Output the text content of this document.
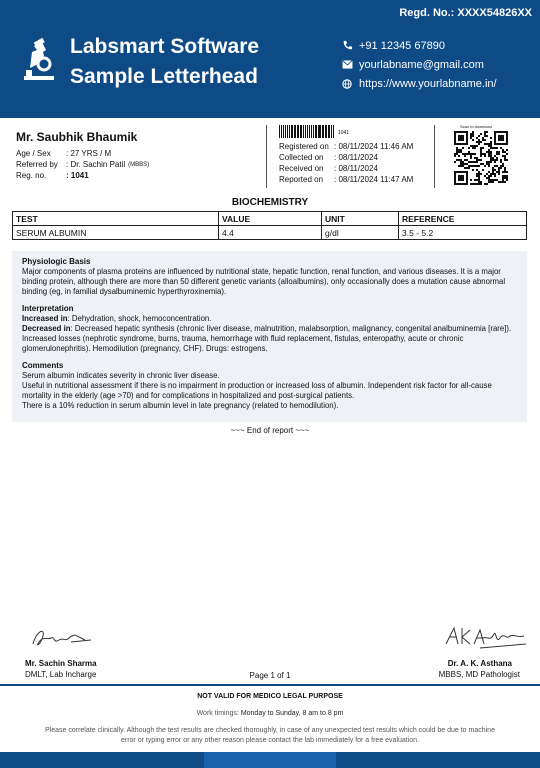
Regd. No.: XXXX54826XX
Labsmart Software
Sample Letterhead
+91 12345 67890
yourlabname@gmail.com
https://www.yourlabname.in/
Mr. Saubhik Bhaumik
Age / Sex	: 27 YRS / M
Referred by	: Dr. Sachin Patil (MBBS)
Reg. no.	: 1041
1041
Registered on : 08/11/2024 11:46 AM
Collected on	: 08/11/2024
Received on	: 08/11/2024
Reported on	: 08/11/2024 11:47 AM
Scan to download
BIOCHEMISTRY
TEST	VALUE	UNIT	REFERENCE
SERUM ALBUMIN	4.4	g/dl	3.5 - 5.2
Physiologic Basis
Major components of plasma proteins are influenced by nutritional state, hepatic function, renal function, and various diseases. It is a major binding protein, although there are more than 50 different genetic variants (alloalbumins), only occasionally does a mutation cause abnormal binding (eg, in familial dysalbuminemic hyperthyroxinemia).
Interpretation
Increased in: Dehydration, shock, hemoconcentration.
Decreased in: Decreased hepatic synthesis (chronic liver disease, malnutrition, malabsorption, malignancy, congenital analbuminemia [rare]). Increased losses (nephrotic syndrome, burns, trauma, hemorrhage with fluid replacement, fistulas, enteropathy, acute or chronic glomerulonephritis). Hemodilution (pregnancy, CHF). Drugs: estrogens.
Comments
Serum albumin indicates severity in chronic liver disease.
Useful in nutritional assessment if there is no impairment in production or increased loss of albumin. Independent risk factor for all-cause mortality in the elderly (age >70) and for complications in hospitalized and post-surgical patients.
There is a 10% reduction in serum albumin level in late pregnancy (related to hemodilution).
~~~ End of report ~~~
Mr. Sachin Sharma
DMLT, Lab Incharge	Page 1 of 1
Dr. A. K. Asthana
MBBS, MD Pathologist
NOT VALID FOR MEDICO LEGAL PURPOSE
Work timings: Monday to Sunday, 8 am to 8 pm
Please correlate clinically. Although the test results are checked thoroughly, in case of any unexpected test results which could be due to machine error or typing error or any other reason please contact the lab immediately for a free evaluation.
